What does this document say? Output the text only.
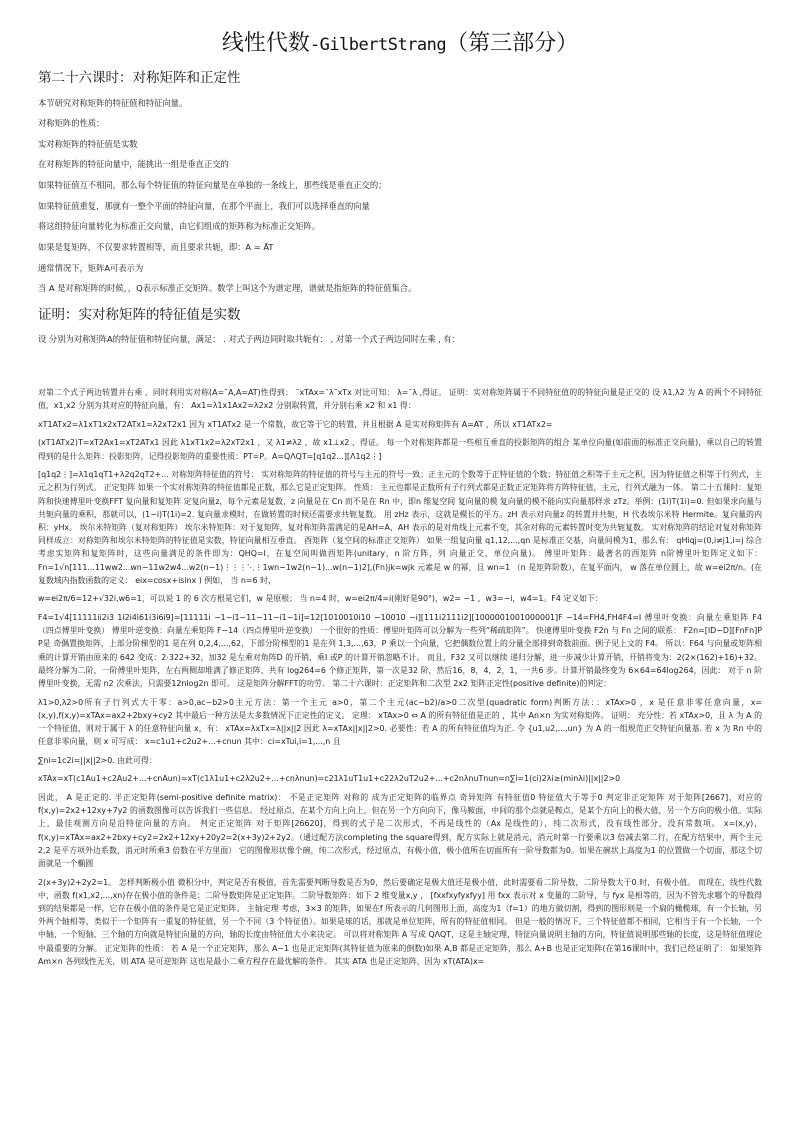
线性代数-GilbertStrang（第三部分）
第二十六课时：对称矩阵和正定性
本节研究对称矩阵的特征值和特征向量。
对称矩阵的性质：
实对称矩阵的特征值是实数
在对称矩阵的特征向量中，能挑出一组是垂直正交的
如果特征值互不相同，那么每个特征值的特征向量是在单独的一条线上，那些线是垂直正交的；
如果特征值重复，那就有一整个平面的特征向量，在那个平面上，我们可以选择垂直的向量
将这组特征向量转化为标准正交向量，由它们组成的矩阵称为标准正交矩阵。
如果是复矩阵，不仅要求转置相等，而且要求共轭，即：A = ĀT
通常情况下，矩阵A可表示为
当 A 是对称矩阵的时候，，Q表示标准正交矩阵。数学上叫这个为谱定理，谱就是指矩阵的特征值集合。
证明：实对称矩阵的特征值是实数
设 分别为对称矩阵A的特征值和特征向量，满足： . 对式子两边同时取共轭有： , 对第一个式子两边同时左乘 , 有：

对第二个式子两边转置并右乘 ，同时利用实对称(A=¯A,A=AT)性得到： ¯xTAx=¯λ¯xTx 对比可知： λ=¯λ ,得证。 证明：实对称矩阵属于不同特征值的的特征向量是正交的 设 λ1,λ2 为 A 的两个不同特征值，x1,x2 分别为其对应的特征向量，有： Ax1=λ1x1Ax2=λ2x2 分别取转置，并分别右乘 x2 和 x1 得：

xT1ATx2=λ1xT1x2xT2ATx1=λ2xT2x1 因为 xT1ATx2 是一个常数，故它等于它的转置，并且根据 A 是实对称矩阵有 A=AT ，所以 xT1ATx2=

(xT1ATx2)T=xT2Ax1=xT2ATx1 因此 λ1xT1x2=λ2xT2x1 ，又 λ1≠λ2 ，故 x1⊥x2 ，得证。 每一个对称矩阵都是一些相互垂直的投影矩阵的组合 某单位向量(如前面的标准正交向量)，乘以自己的转置得到的是什么矩阵：投影矩阵，记得投影矩阵的重要性质：PT=P。A=QΛQT=[q1q2...][Λ1q2⋮]

[q1q2⋮]=λ1q1qT1+λ2q2qT2+... 对称矩阵特征值的符号： 实对称矩阵的特征值的符号与主元的符号一致；正主元的个数等于正特征值的个数；特征值之积等于主元之积，因为特征值之积等于行列式，主元之积为行列式。 正定矩阵 如果一个实对称矩阵的特征值都是正数，那么它是正定矩阵。 性质： 主元也都是正数所有子行列式都是正数正定矩阵将方阵特征值，主元，行列式融为一体。 第二十五课时：复矩阵和快速傅里叶变换FFT 复向量和复矩阵 定复向量z，每个元素是复数，z 向量是在 Cn 而不是在 Rn 中，即n 维复空间 复向量的模 复向量的模不能向实向量那样求 zTz。举例：(1i)T(1i)=0. 但如果求向量与共轭向量的乘积，那就可以，(1−i)T(1i)=2. 复向量求模时，在做转置的时候还需要求共轭复数。 用 zHz 表示，这就是模长的平方。zH 表示对向量z 的转置并共轭，H 代表埃尔米特 Hermite。复向量的内积：yHx。 埃尔米特矩阵（复对称矩阵） 埃尔米特矩阵：对于复矩阵，复对称矩阵需满足的是AH=A，AH 表示的是对角线上元素不变，其余对称的元素转置时变为共轭复数。 实对称矩阵的结论对复对称矩阵同样成立：对称矩阵和埃尔米特矩阵的特征值是实数，特征向量相互垂直。 酉矩阵（复空间的标准正交矩阵） 如果一组复向量 q1,12,...,qn 是标准正交基，向量间模为1，那么有： qHiqj=(0,i≠j1,i=j 综合考虑实矩阵和复矩阵时，这些向量满足的条件即为：QHQ=I，在复空间叫做酉矩阵(unitary，n 阶方阵，列 向量正交，单位向量)。 傅里叶矩阵：最著名的酉矩阵 n阶傅里叶矩阵定义如下： Fn=1√n[111...11ww2...wn−11w2w4...w2(n−1)⋮⋮⋮⋱⋮1wn−1w2(n−1)...w(n−1)2],(Fn)jk=wjk 元素是 w 的幂，且 wn=1 （n 是矩阵阶数），在复平面内， w 落在单位圆上，故 w=ei2π/n。(在复数域内指数函数的定义： eix=cosx+isinx ) 例如， 当 n=6 时，

w=ei2π/6=12+√32i,w6=1，可以说 1 的 6 次方根是它们，w 是原根； 当 n=4 时，w=ei2π/4=i(刚好是90°)，w2= −1 ，w3=−i，w4=1。F4 定义如下：

F4=1√4[11111ii2i3 1i2i4i61i3i6i9]=[11111i −1−i1−11−11−i1−1i]=12[1010010i10 −10010 −i][111i2111i2][1000001001000001]F −14=FH4,FH4F4=I 傅里叶变换：向量左乘矩阵 F4（四点傅里叶变换） 傅里叶逆变换：向量左乘矩阵 F−14（四点傅里叶逆变换） 一个很好的性质：傅里叶矩阵可以分解为一些列“稀疏矩阵”。 快速傅里叶变换 F2n 与 Fn 之间的联系： F2n=[ID−D][FnFn]P P是 奇偶置换矩阵，上部分阶梯型的1 是在列 0,2,4,...,62，下部分阶梯型的1 是在列 1,3,...,63，P 乘以一个向量，它把偶数位置上的分量全部排到奇数前面。例子见上文的 F4。 所以：F64 与向量或矩阵相乘的计算开销由原来的 642 变成：2⋅322+32，加32 是左乘对角阵D 的开销，乘I 或P 的计算开销忽略不计。 而且，F32 又可以继续 递归分解，进一步减少计算开销，开销将变为：2(2×(162)+16)+32。最终分解为二阶，一阶傅里叶矩阵，左右两侧却堆满了修正矩阵，共有 log264=6 个修正矩阵，第一次是32 阶，然后16，8，4，2，1，一共6 步。计算开销最终变为 6×64=64log264，因此： 对于 n 阶傅里叶变换，无需 n2 次乘法，只需要12nlog2n 即可。 这是矩阵分解FFT的功劳。 第二十六课时：正定矩阵和二次型 2x2 矩阵正定性(positive definite)的判定：

λ1>0,λ2>0所有子行列式大于零：a>0,ac−b2>0主元方法：第一个主元 a>0，第二个主元(ac−b2)/a>0二次型(quadratic form)判断方法：：xTAx>0 ，x 是任意非零任意向量，x=(x,y),f(x,y)=xTAx=ax2+2bxy+cy2 其中最后一种方法是大多数情况下正定性的定义。 定理： xTAx>0 ⇔ A 的所有特征值是正的 ，其中 An×n 为实对称矩阵。 证明： 充分性：若 xTAx>0，且 λ 为 A 的一个特征值，则对于属于 λ 的任意特征向量 x，有： xTAx=λxTx=λ||x||2 因此 λ=xTAx||x||2>0. 必要性：若 A 的所有特征值均为正. 令 {u1,u2,...,un} 为 A 的一组规范正交特征向量基. 若 x 为 Rn 中的任意非零向量，则 x 可写成： x=c1u1+c2u2+...+cnun 其中：ci=xTui,i=1,...,n 且

∑ni=1c2i=||x||2>0. 由此可得：

xTAx=xT(c1Au1+c2Au2+...+cnAun)=xT(c1λ1u1+c2λ2u2+...+cnλnun)=c21λ1uT1u1+c22λ2uT2u2+...+c2nλnuTnun=n∑i=1(ci)2λi≥(minλi)||x||2>0

因此， A 是正定的. 半正定矩阵(semi-positive definite matrix)： 不是正定矩阵 对称的 成为正定矩阵的临界点 奇异矩阵 有特征值0 特征值大于等于0 判定非正定矩阵 对于矩阵[2667]，对应的 f(x,y)=2x2+12xy+7y2 的函数图像可以告诉我们一些信息。 经过原点，在某个方向上向上，但在另一个方向向下，像马鞍面，中间的那个点就是鞍点，是某个方向上的极大值，另一个方向的极小值。实际上，最佳观测方向是沿特征向量的方向。 判定正定矩阵 对于矩阵[26620]，得到的式子是二次形式，不再是线性的（Ax 是线性的），纯二次形式，没有线性部分，没有常数项。 x=(x,y)，f(x,y)=xTAx=ax2+2bxy+cy2=2x2+12xy+20y2=2(x+3y)2+2y2。（通过配方法completing the square得到，配方实际上就是消元，消元时第一行要乘以3 倍减去第二行，在配方结果中，两个主元2,2 是平方项外边系数，消元时所乘3 倍数在平方里面） 它的图像形状像个碗，纯二次形式，经过原点，有极小值，极小值所在切面所有一阶导数都为0。如果在碗状上高度为1 的位置做一个切面，那这个切面就是一个椭圆

2(x+3y)2+2y2=1。 怎样判断极小值 微积分中，判定是否有极值，首先需要判断导数是否为0，然后要确定是极大值还是极小值，此时需要看二阶导数，二阶导数大于0 时，有极小值。 而现在，线性代数中，函数 f(x1,x2,...,xn)存在极小值的条件是：二阶导数矩阵是正定矩阵。二阶导数矩阵：如下 2 维变量x,y ， [fxxfxyfyxfyy] 用 fxx 表示对 x 变量的二阶导，与 fyx 是相等的，因为不管先求哪个的导数得到的结果都是一样，它存在极小值的条件是它是正定矩阵。 主轴定理 考虑，3×3 的矩阵，如果在f 所表示的几何图形上面，高度为1（f=1）的地方做切割，得到的图形则是一个扁的橄榄球，有一个长轴，另外两个轴相等，类似于一个矩阵有一重复的特征值，另一个不同（3 个特征值）。如果是球的话，那就是单位矩阵，所有的特征值相同。 但是一般的情况下，三个特征值都不相同，它相当于有一个长轴，一个中轴，一个短轴，三个轴的方向就是特征向量的方向，轴的长度由特征值大小来决定。 可以将对称矩阵 A 写成 QΛQT，这是主轴定理，特征向量说明主轴的方向，特征值说明那些轴的长度，这是特征值理论中最重要的分解。 正定矩阵的性质： 若 A 是一个正定矩阵，那么 A−1 也是正定矩阵(其特征值为原来的倒数)如果 A,B 都是正定矩阵，那么 A+B 也是正定矩阵(在第16课时中，我们已经证明了： 如果矩阵 Am×n 各列线性无关，则 ATA 是可逆矩阵 这也是最小二乘方程存在最优解的条件。 其实 ATA 也是正定矩阵，因为 xT(ATA)x=
